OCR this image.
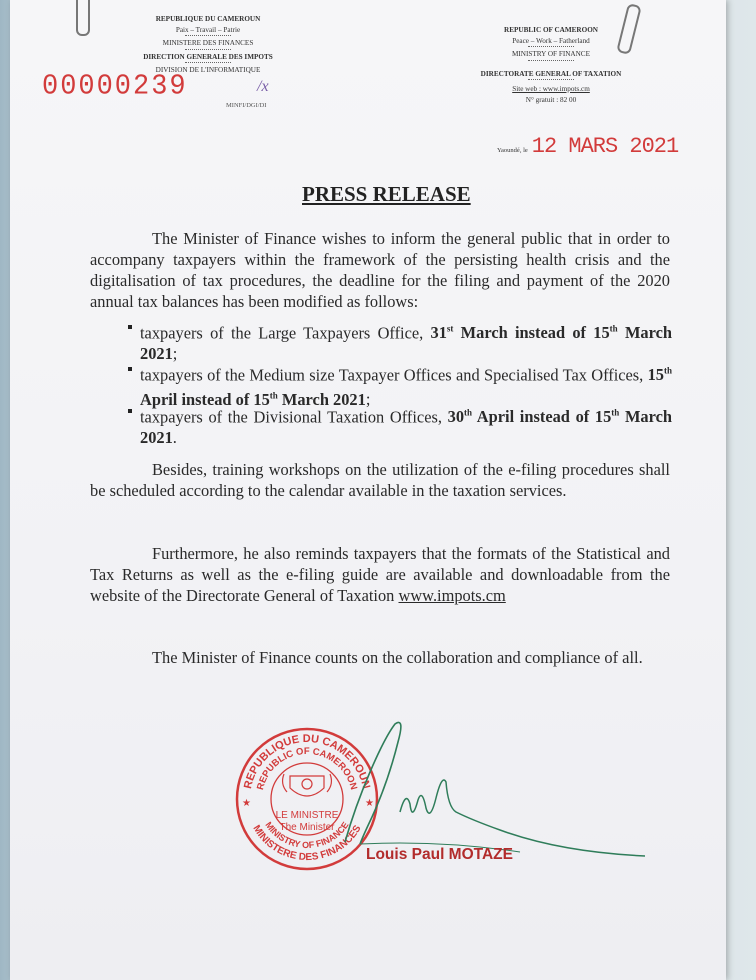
REPUBLIQUE DU CAMEROUN
Paix – Travail – Patrie
MINISTERE DES FINANCES
DIRECTION GENERALE DES IMPOTS
DIVISION DE L'INFORMATIQUE
MINFI/DGI/DI
REPUBLIC OF CAMEROON
Peace – Work – Fatherland
MINISTRY OF FINANCE
DIRECTORATE GENERAL OF TAXATION
Site web : www.impots.cm
N° gratuit : 82 00
00000239	/x
Yaoundé, le 12 MARS 2021
PRESS RELEASE
The Minister of Finance wishes to inform the general public that in order to accompany taxpayers within the framework of the persisting health crisis and the digitalisation of tax procedures, the deadline for the filing and payment of the 2020 annual tax balances has been modified as follows:
taxpayers of the Large Taxpayers Office, 31st March instead of 15th March 2021;
taxpayers of the Medium size Taxpayer Offices and Specialised Tax Offices, 15th April instead of 15th March 2021;
taxpayers of the Divisional Taxation Offices, 30th April instead of 15th March 2021.
Besides, training workshops on the utilization of the e-filing procedures shall be scheduled according to the calendar available in the taxation services.
Furthermore, he also reminds taxpayers that the formats of the Statistical and Tax Returns as well as the e-filing guide are available and downloadable from the website of the Directorate General of Taxation www.impots.cm
The Minister of Finance counts on the collaboration and compliance of all.
REPUBLIQUE DU CAMEROUN
REPUBLIC OF CAMEROON
MINISTERE DES FINANCES
MINISTRY OF FINANCE
LE MINISTRE
The Minister
★	★
Louis Paul MOTAZE
